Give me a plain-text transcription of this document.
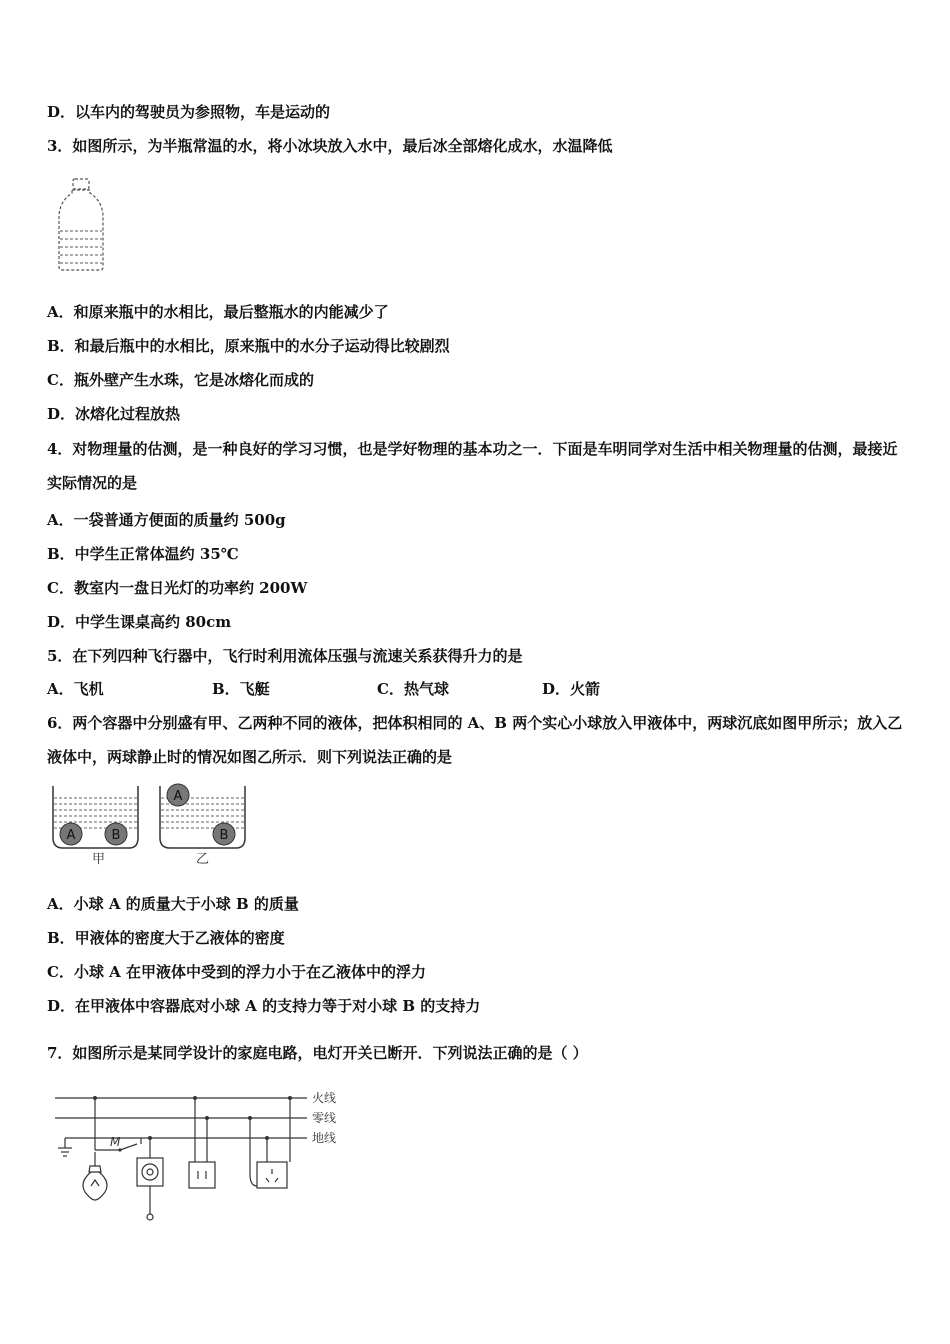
D．以车内的驾驶员为参照物，车是运动的
3．如图所示，为半瓶常温的水，将小冰块放入水中，最后冰全部熔化成水，水温降低
A．和原来瓶中的水相比，最后整瓶水的内能减少了
B．和最后瓶中的水相比，原来瓶中的水分子运动得比较剧烈
C．瓶外壁产生水珠，它是冰熔化而成的
D．冰熔化过程放热
4．对物理量的估测，是一种良好的学习习惯，也是学好物理的基本功之一．下面是车明同学对生活中相关物理量的估测，最接近实际情况的是
A．一袋普通方便面的质量约 500g
B．中学生正常体温约 35℃
C．教室内一盘日光灯的功率约 200W
D．中学生课桌高约 80cm
5．在下列四种飞行器中，飞行时利用流体压强与流速关系获得升力的是
A．飞机	B．飞艇	C．热气球	D．火箭
6．两个容器中分别盛有甲、乙两种不同的液体，把体积相同的 A、B 两个实心小球放入甲液体中，两球沉底如图甲所示；放入乙液体中，两球静止时的情况如图乙所示．则下列说法正确的是
A	B
甲
A
B
乙
A．小球 A 的质量大于小球 B 的质量
B．甲液体的密度大于乙液体的密度
C．小球 A 在甲液体中受到的浮力小于在乙液体中的浮力
D．在甲液体中容器底对小球 A 的支持力等于对小球 B 的支持力
7．如图所示是某同学设计的家庭电路，电灯开关已断开．下列说法正确的是（ ）
M
火线
零线
地线
